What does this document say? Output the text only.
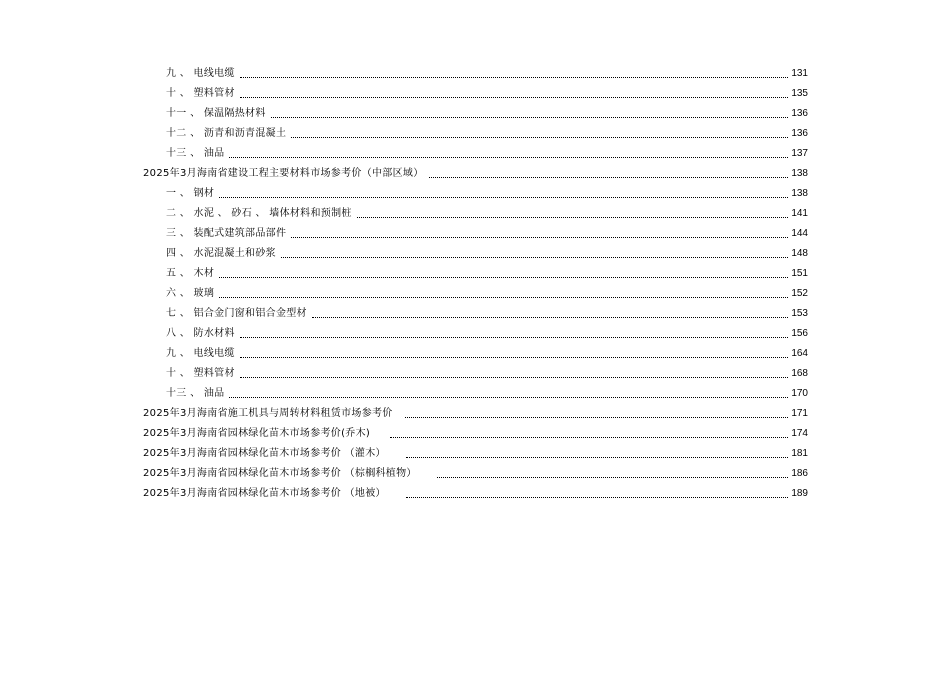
九 、 电线电缆	131
十 、 塑料管材	135
十一 、 保温隔热材料	136
十二 、 沥青和沥青混凝土	136
十三 、 油品	137
2025年3月海南省建设工程主要材料市场参考价（中部区域）	138
一 、 钢材	138
二 、 水泥 、 砂石 、 墙体材料和预制桩	141
三 、 装配式建筑部品部件	144
四 、 水泥混凝土和砂浆	148
五 、 木材	151
六 、 玻璃	152
七 、 铝合金门窗和铝合金型材	153
八 、 防水材料	156
九 、 电线电缆	164
十 、 塑料管材	168
十三 、 油品	170
2025年3月海南省施工机具与周转材料租赁市场参考价	171
2025年3月海南省园林绿化苗木市场参考价(乔木)	174
2025年3月海南省园林绿化苗木市场参考价 （灌木）	181
2025年3月海南省园林绿化苗木市场参考价 （棕榈科植物）	186
2025年3月海南省园林绿化苗木市场参考价 （地被）	189
